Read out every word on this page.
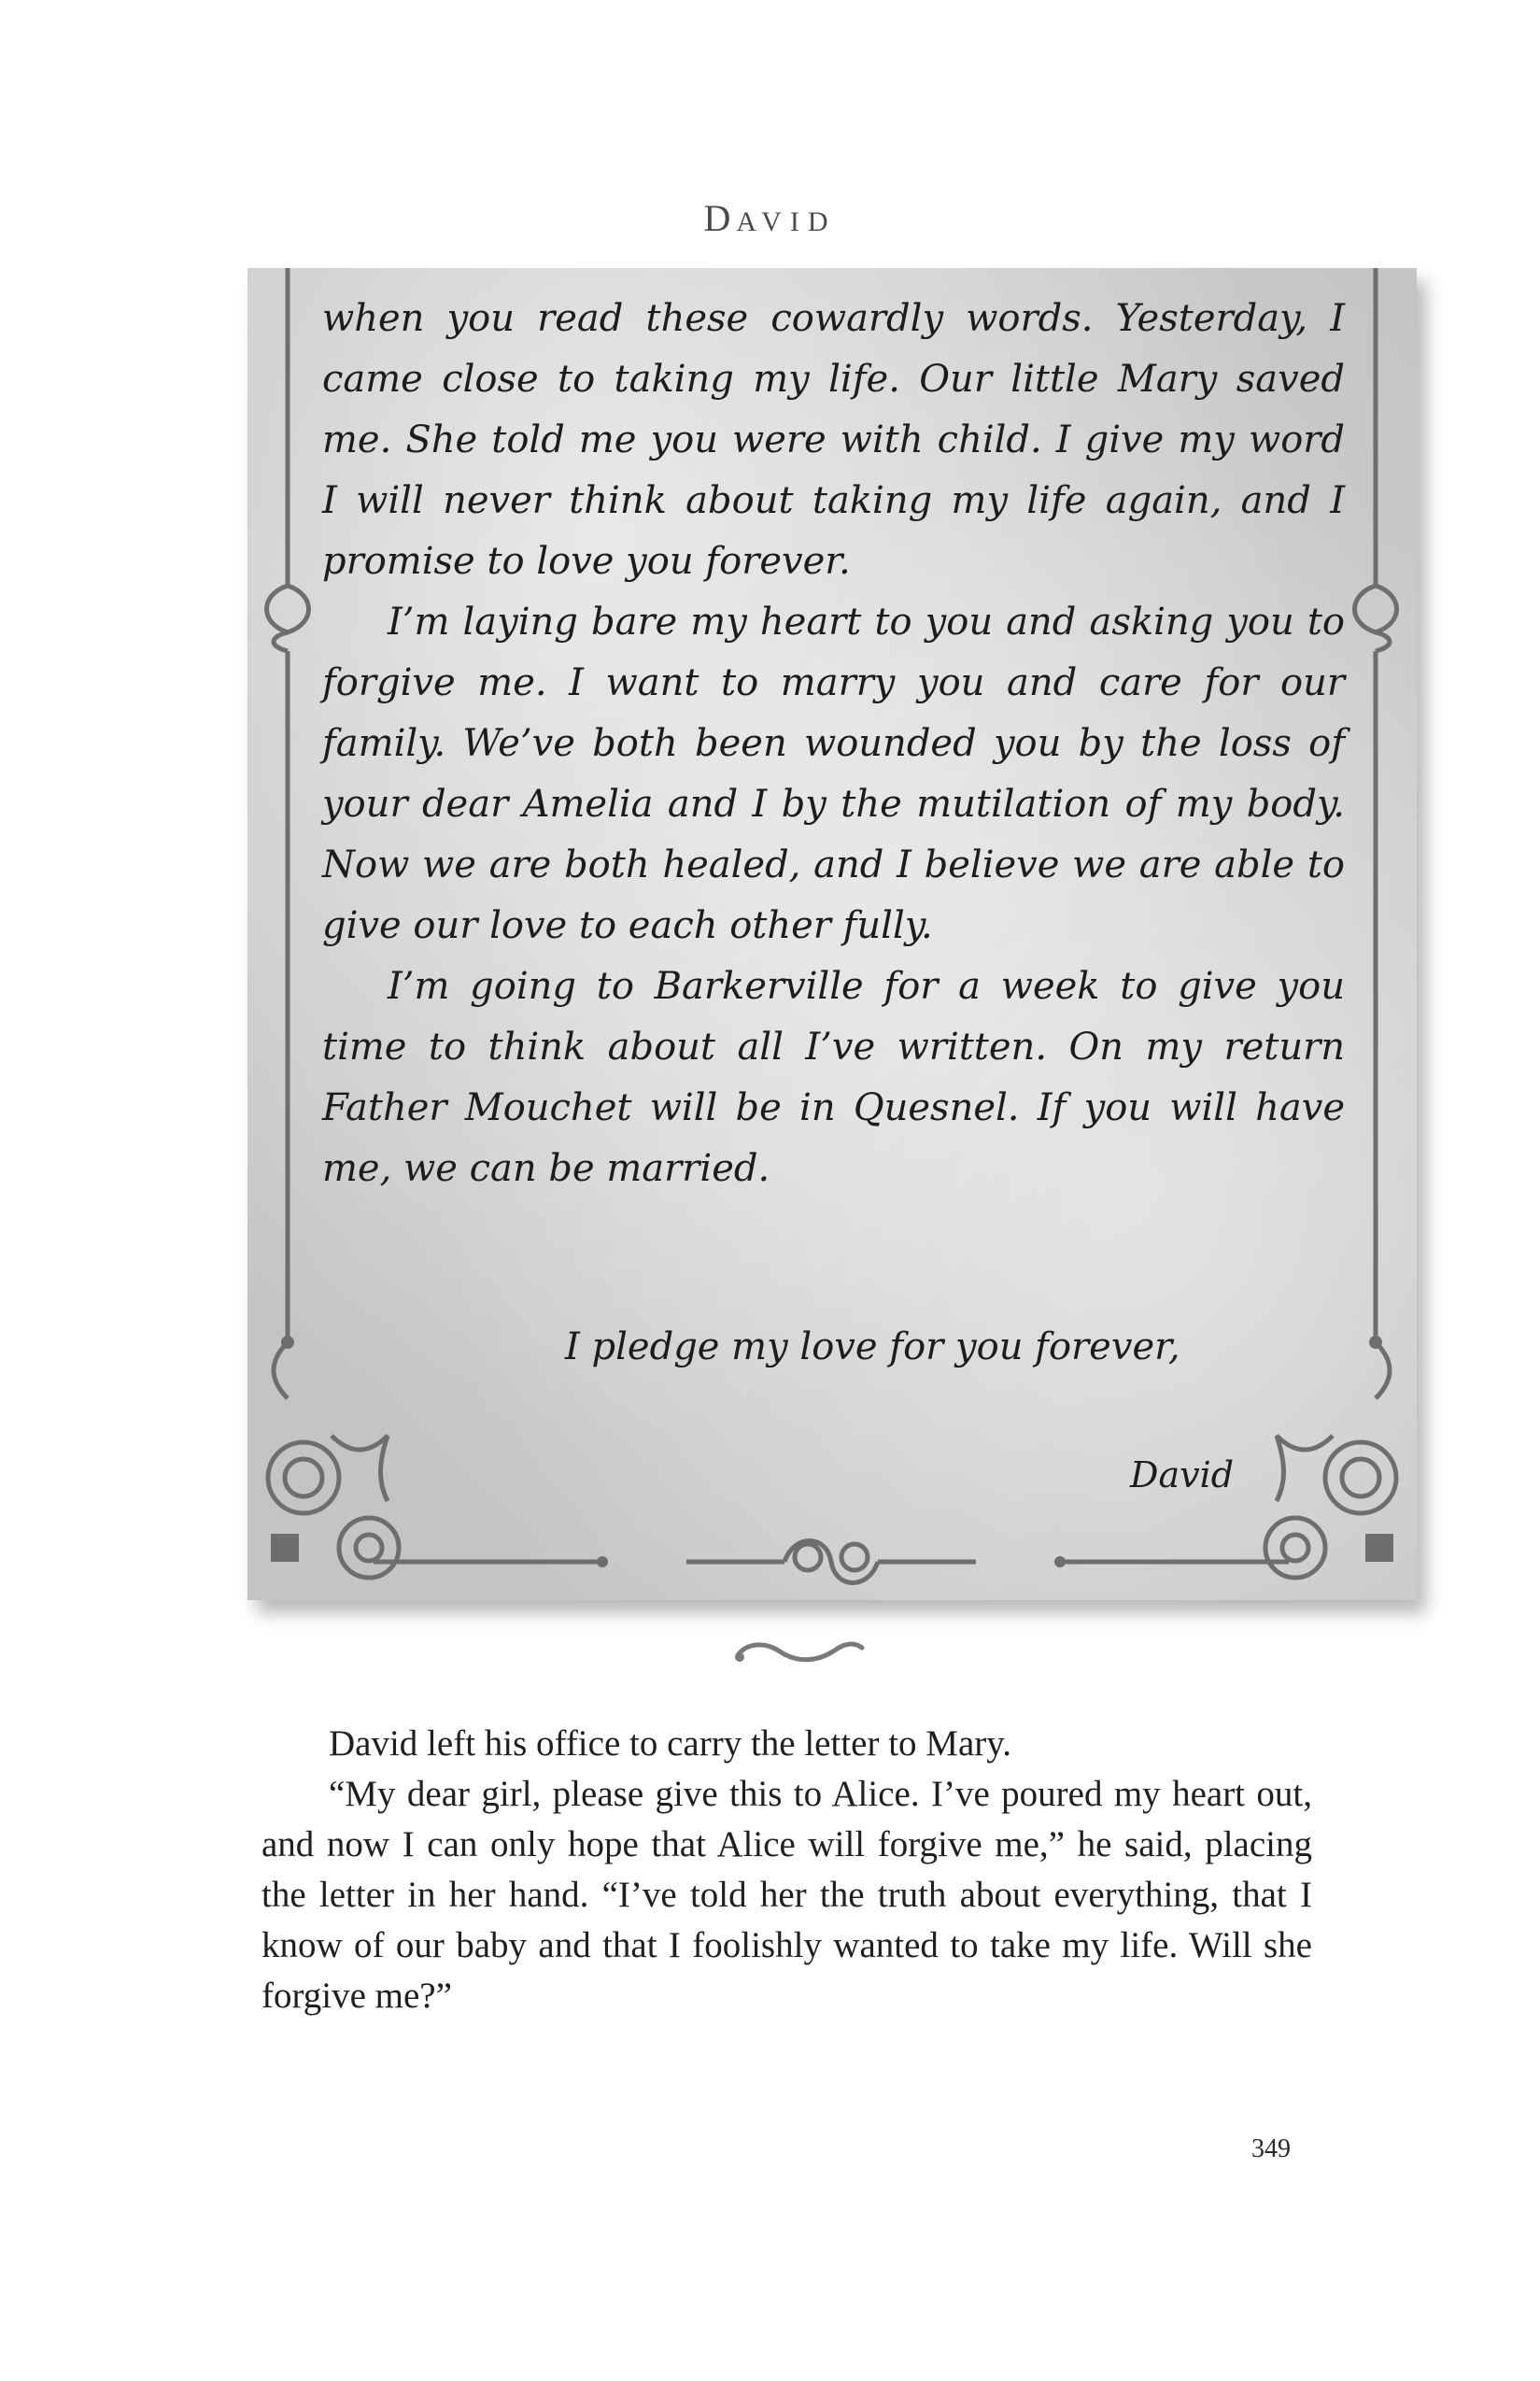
DAVID

when you read these cowardly words. Yesterday, I came close to taking my life. Our little Mary saved me. She told me you were with child. I give my word I will never think about taking my life again, and I promise to love you forever.

I’m laying bare my heart to you and asking you to forgive me. I want to marry you and care for our family. We’ve both been wounded you by the loss of your dear Amelia and I by the mutilation of my body. Now we are both healed, and I believe we are able to give our love to each other fully.

I’m going to Barkerville for a week to give you time to think about all I’ve written. On my return Father Mouchet will be in Quesnel. If you will have me, we can be married.

I pledge my love for you forever,
David

David left his office to carry the letter to Mary.

“My dear girl, please give this to Alice. I’ve poured my heart out, and now I can only hope that Alice will forgive me,” he said, placing the letter in her hand. “I’ve told her the truth about everything, that I know of our baby and that I foolishly wanted to take my life. Will she forgive me?”

349
